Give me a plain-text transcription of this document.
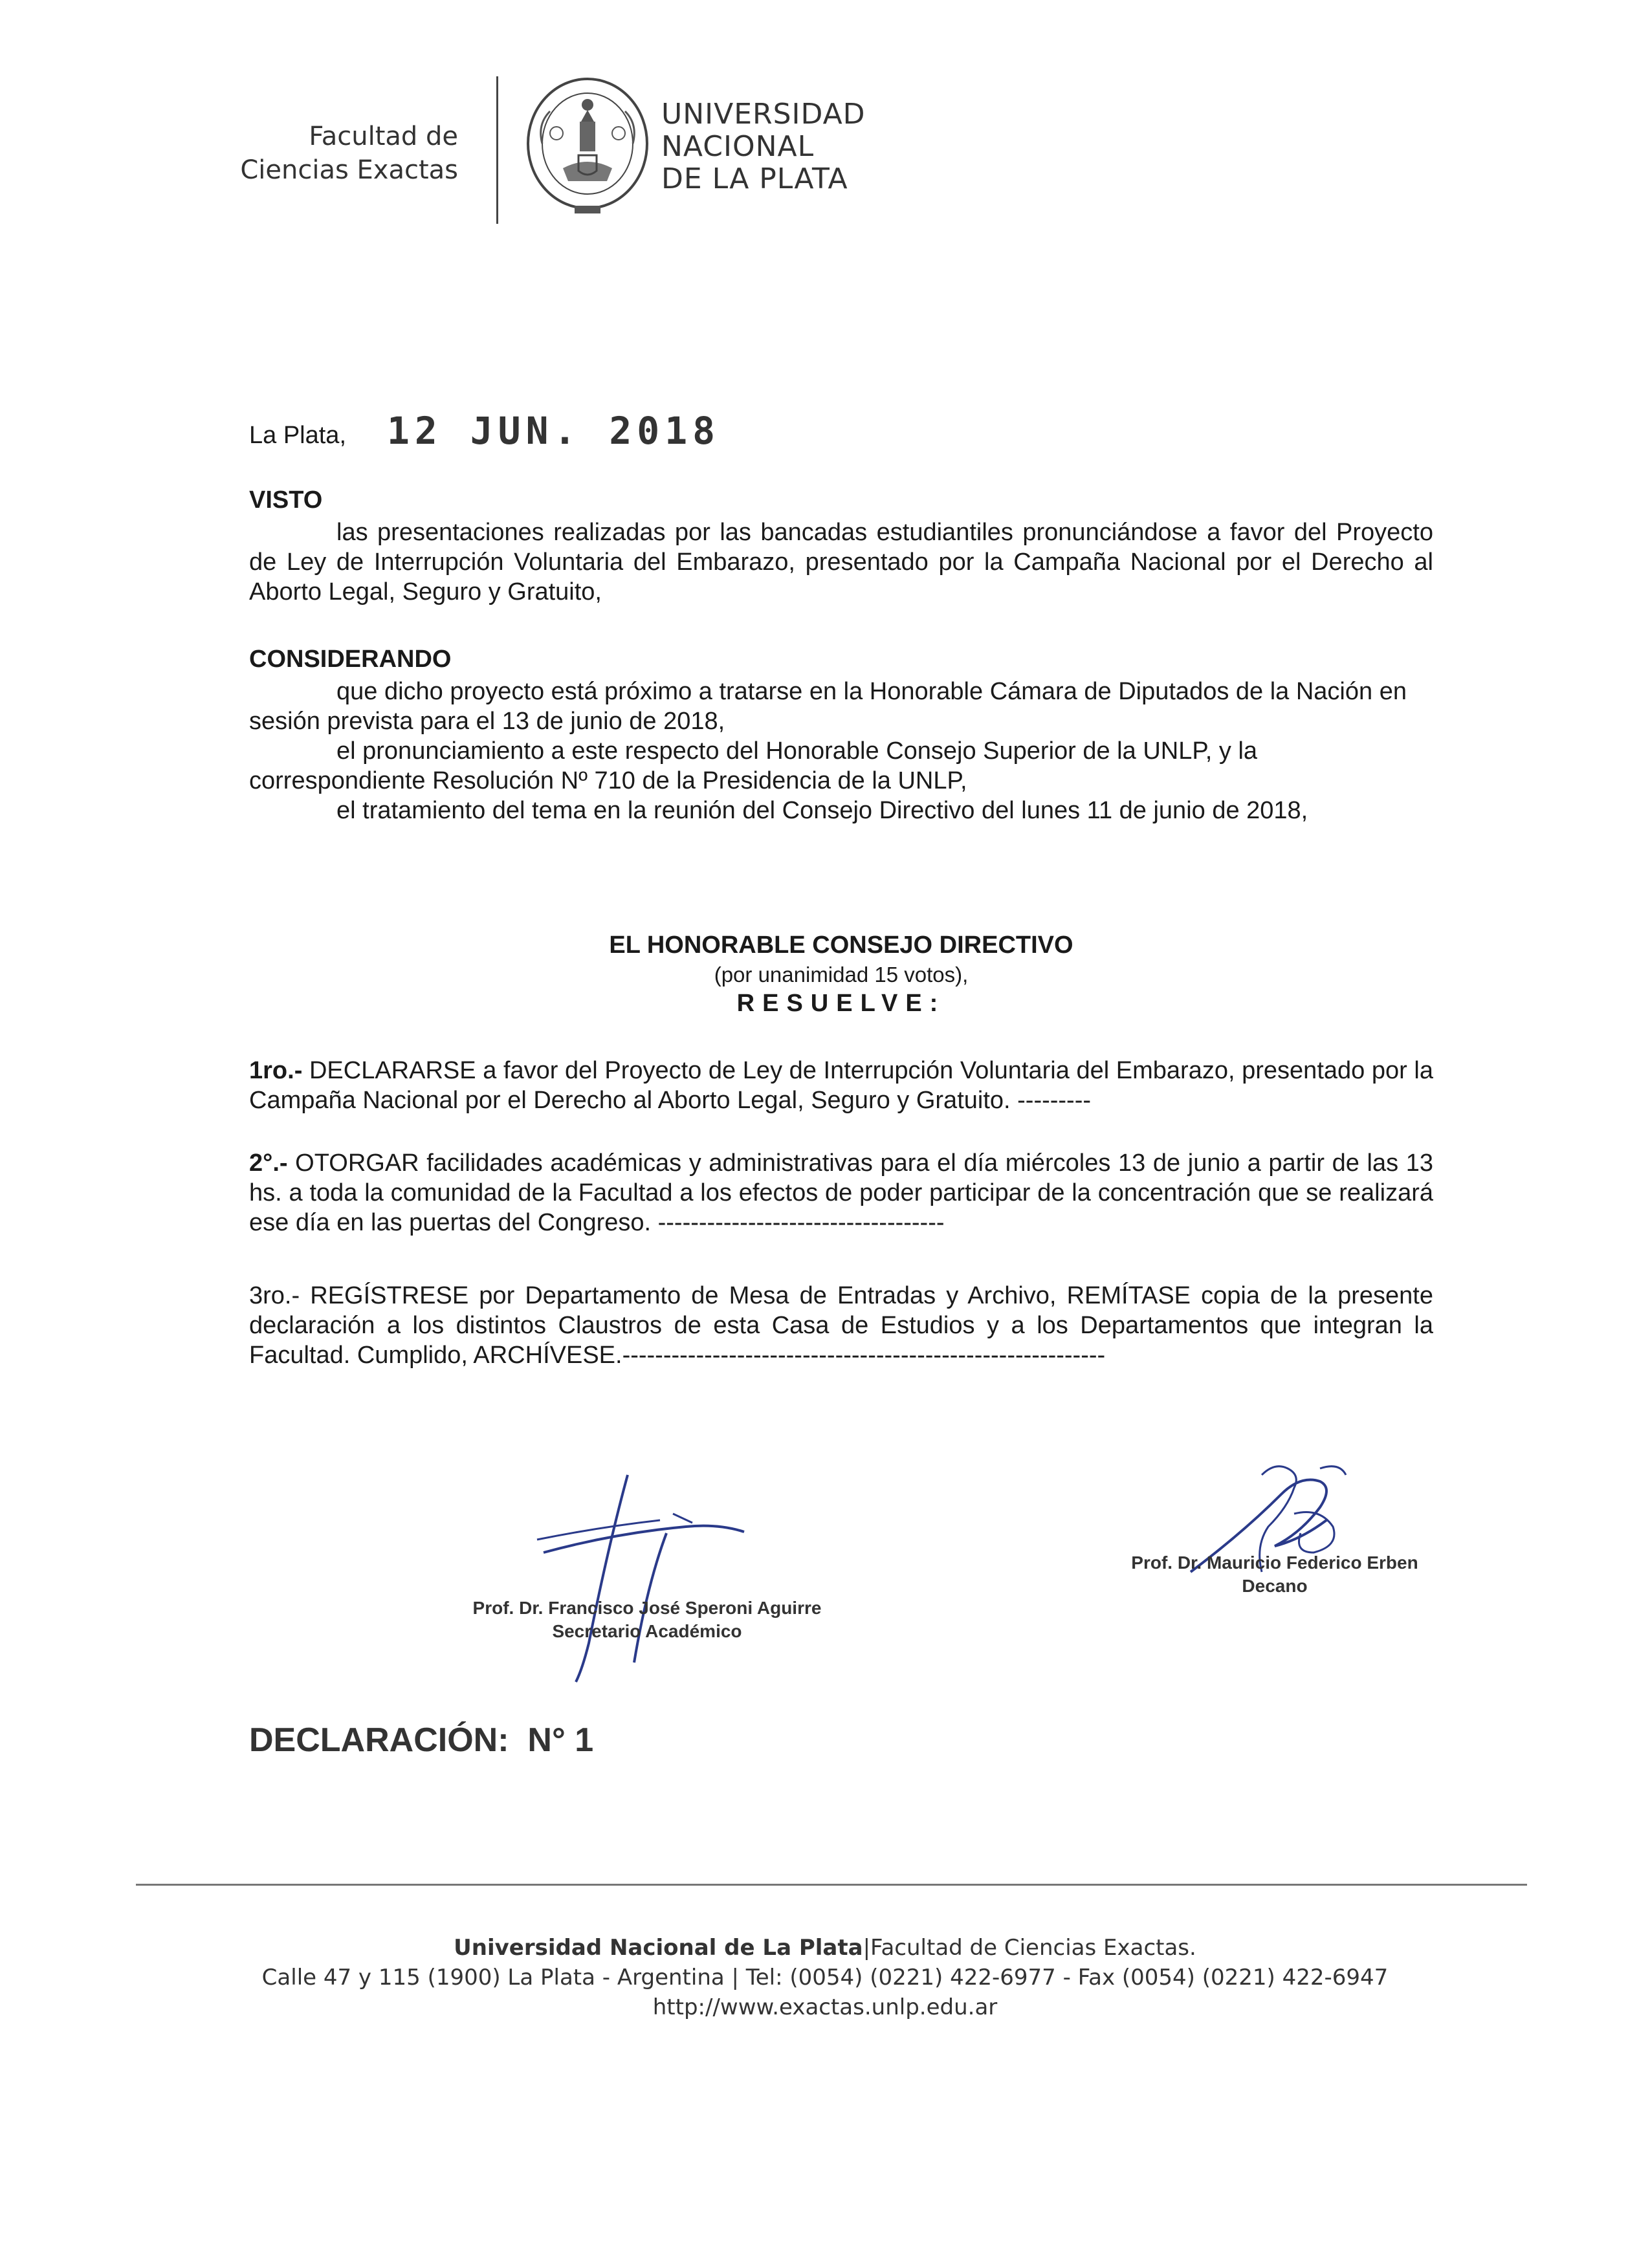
Facultad de
Ciencias Exactas
UNIVERSIDAD
NACIONAL
DE LA PLATA
La Plata, 12 JUN. 2018
VISTO

las presentaciones realizadas por las bancadas estudiantiles pronunciándose a favor del Proyecto de Ley de Interrupción Voluntaria del Embarazo, presentado por la Campaña Nacional por el Derecho al Aborto Legal, Seguro y Gratuito,

CONSIDERANDO

que dicho proyecto está próximo a tratarse en la Honorable Cámara de Diputados de la Nación en sesión prevista para el 13 de junio de 2018,

el pronunciamiento a este respecto del Honorable Consejo Superior de la UNLP, y la correspondiente Resolución Nº 710 de la Presidencia de la UNLP,

el tratamiento del tema en la reunión del Consejo Directivo del lunes 11 de junio de 2018,

EL HONORABLE CONSEJO DIRECTIVO
(por unanimidad 15 votos),
RESUELVE:

1ro.- DECLARARSE a favor del Proyecto de Ley de Interrupción Voluntaria del Embarazo, presentado por la Campaña Nacional por el Derecho al Aborto Legal, Seguro y Gratuito. ---------

2°.- OTORGAR facilidades académicas y administrativas para el día miércoles 13 de junio a partir de las 13 hs. a toda la comunidad de la Facultad a los efectos de poder participar de la concentración que se realizará ese día en las puertas del Congreso. -----------------------------------

3ro.- REGÍSTRESE por Departamento de Mesa de Entradas y Archivo, REMÍTASE copia de la presente declaración a los distintos Claustros de esta Casa de Estudios y a los Departamentos que integran la Facultad. Cumplido, ARCHÍVESE.-----------------------------------------------------------

Prof. Dr. Francisco José Speroni Aguirre
Secretario Académico
Prof. Dr. Mauricio Federico Erben
Decano
DECLARACIÓN:  N° 1
Universidad Nacional de La Plata|Facultad de Ciencias Exactas.
Calle 47 y 115 (1900) La Plata - Argentina | Tel: (0054) (0221) 422-6977 - Fax (0054) (0221) 422-6947
http://www.exactas.unlp.edu.ar
